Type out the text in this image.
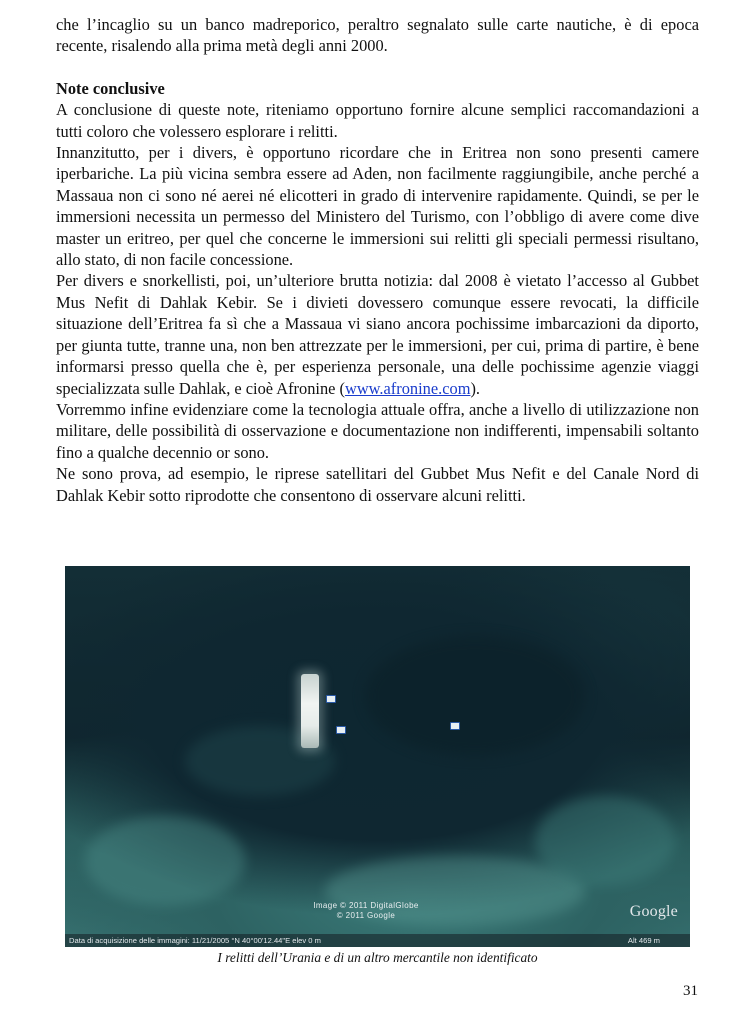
che l’incaglio su un banco madreporico, peraltro segnalato sulle carte nautiche, è di epoca recente, risalendo alla prima metà degli anni 2000.

Note conclusive

A conclusione di queste note, riteniamo opportuno fornire alcune semplici raccomandazioni a tutti coloro che volessero esplorare i relitti.

Innanzitutto, per i divers, è opportuno ricordare che in Eritrea non sono presenti camere iperbariche. La più vicina sembra essere ad Aden, non facilmente raggiungibile, anche perché a Massaua non ci sono né aerei né elicotteri in grado di intervenire rapidamente. Quindi, se per le immersioni necessita un permesso del Ministero del Turismo, con l’obbligo di avere come dive master un eritreo, per quel che concerne le immersioni sui relitti gli speciali permessi risultano, allo stato, di non facile concessione.

Per divers e snorkellisti, poi, un’ulteriore brutta notizia: dal 2008 è vietato l’accesso al Gubbet Mus Nefit di Dahlak Kebir. Se i divieti dovessero comunque essere revocati, la difficile situazione dell’Eritrea fa sì che a Massaua vi siano ancora pochissime imbarcazioni da diporto, per giunta tutte, tranne una, non ben attrezzate per le immersioni, per cui, prima di partire, è bene informarsi presso quella che è, per esperienza personale, una delle pochissime agenzie viaggi specializzata sulle Dahlak, e cioè Afronine (www.afronine.com).

Vorremmo infine evidenziare come la tecnologia attuale offra, anche a livello di utilizzazione non militare, delle possibilità di osservazione e documentazione non indifferenti, impensabili soltanto fino a qualche decennio or sono.

Ne sono prova, ad esempio, le riprese satellitari del Gubbet Mus Nefit e del Canale Nord di Dahlak Kebir sotto riprodotte che consentono di osservare alcuni relitti.

Image © 2011 DigitalGlobe
© 2011 Google	Google
Data di acquisizione delle immagini: 11/21/2005 °N 40°00'12.44"E elev 0 m	Alt 469 m
I relitti dell’Urania e di un altro mercantile non identificato
31
